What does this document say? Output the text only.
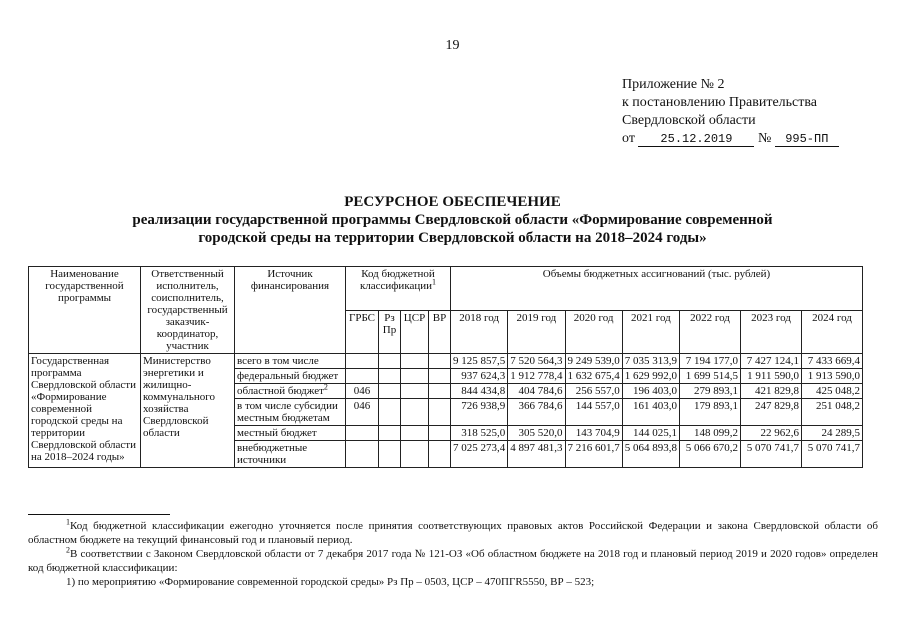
19
Приложение № 2
к постановлению Правительства
Свердловской области
от 25.12.2019 № 995-ПП
РЕСУРСНОЕ ОБЕСПЕЧЕНИЕ
реализации государственной программы Свердловской области «Формирование современной
городской среды на территории Свердловской области на 2018–2024 годы»
Наименование государственной программы	Ответственный исполнитель, соисполнитель, государственный заказчик-координатор, участник	Источник финансирования	Код бюджетной классификации$^1$				Объемы бюджетных ассигнований (тыс. рублей)						
			ГРБС	Рз Пр	ЦСР	ВР	2018 год	2019 год	2020 год	2021 год	2022 год	2023 год	2024 год
Государственная программа Свердловской области «Формирование современной городской среды на территории Свердловской области на 2018–2024 годы»	Министерство энергетики и жилищно-коммунального хозяйства Свердловской области	всего в том числе					9 125 857,5	7 520 564,3	9 249 539,0	7 035 313,9	7 194 177,0	7 427 124,1	7 433 669,4
		федеральный бюджет					937 624,3	1 912 778,4	1 632 675,4	1 629 992,0	1 699 514,5	1 911 590,0	1 913 590,0
		областной бюджет$^2$	046				844 434,8	404 784,6	256 557,0	196 403,0	279 893,1	421 829,8	425 048,2
		в том числе субсидии местным бюджетам	046				726 938,9	366 784,6	144 557,0	161 403,0	179 893,1	247 829,8	251 048,2
		местный бюджет					318 525,0	305 520,0	143 704,9	144 025,1	148 099,2	22 962,6	24 289,5
		внебюджетные источники					7 025 273,4	4 897 481,3	7 216 601,7	5 064 893,8	5 066 670,2	5 070 741,7	5 070 741,7

$^1$Код бюджетной классификации ежегодно уточняется после принятия соответствующих правовых актов Российской Федерации и закона Свердловской области об областном бюджете на текущий финансовый год и плановый период.

$^2$В соответствии с Законом Свердловской области от 7 декабря 2017 года № 121-ОЗ «Об областном бюджете на 2018 год и плановый период 2019 и 2020 годов» определен код бюджетной классификации:

1) по мероприятию «Формирование современной городской среды» Рз Пр – 0503, ЦСР – 470ПГR5550, ВР – 523;
